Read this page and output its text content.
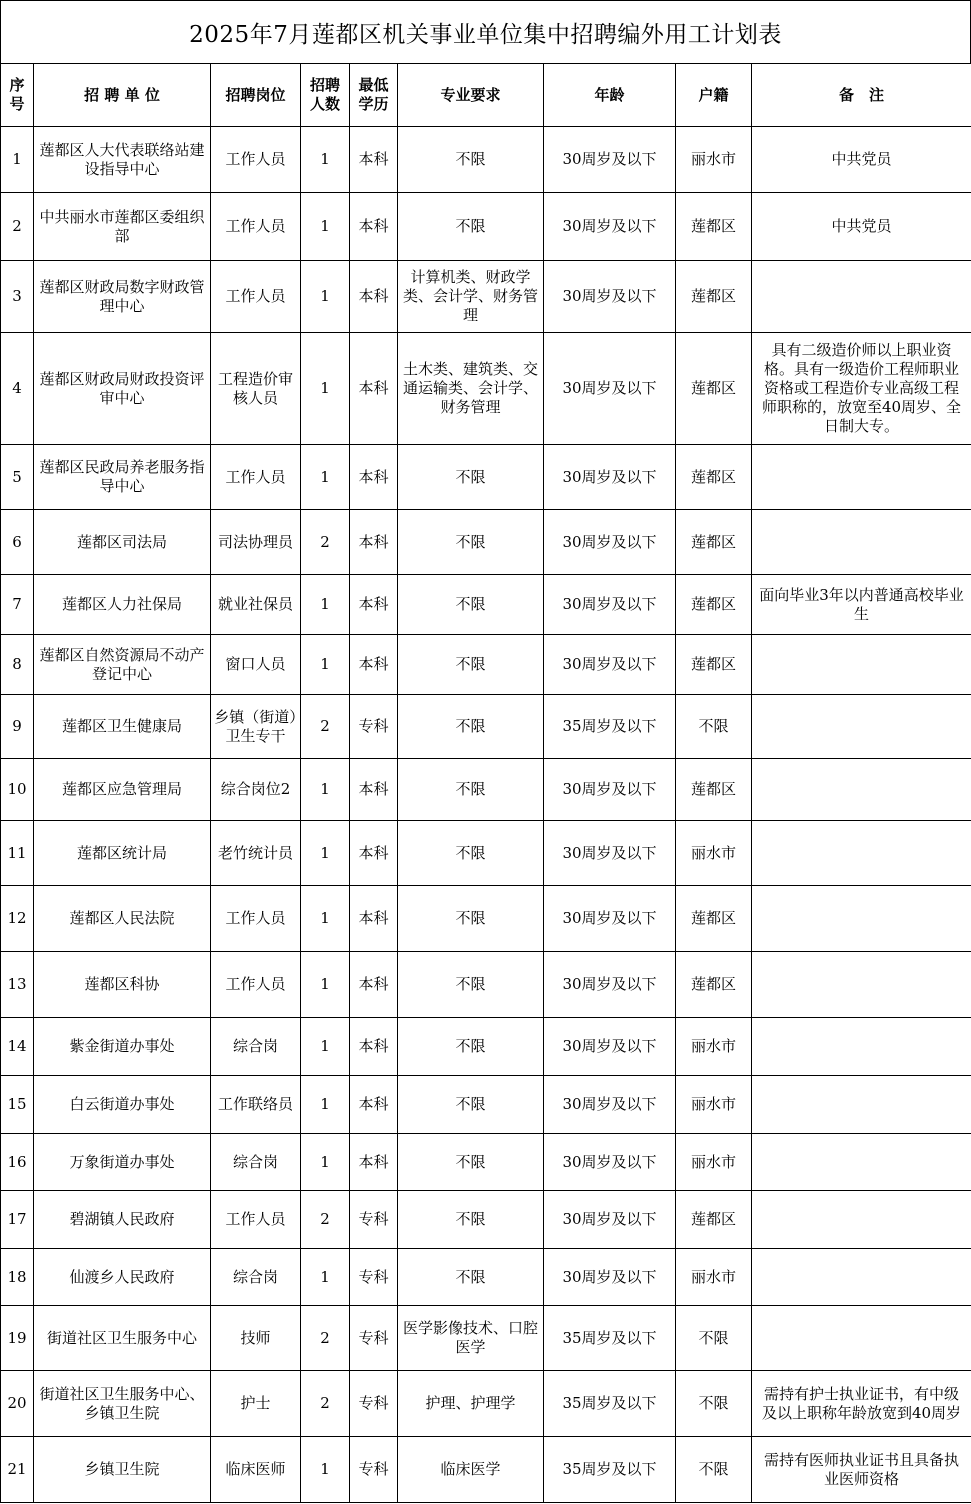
2025年7月莲都区机关事业单位集中招聘编外用工计划表
序号	招 聘 单 位	招聘岗位	招聘人数	最低学历	专业要求	年龄	户籍	备　注
1	莲都区人大代表联络站建设指导中心	工作人员	1	本科	不限	30周岁及以下	丽水市	中共党员
2	中共丽水市莲都区委组织部	工作人员	1	本科	不限	30周岁及以下	莲都区	中共党员
3	莲都区财政局数字财政管理中心	工作人员	1	本科	计算机类、财政学类、会计学、财务管理	30周岁及以下	莲都区	
4	莲都区财政局财政投资评审中心	工程造价审核人员	1	本科	土木类、建筑类、交通运输类、会计学、财务管理	30周岁及以下	莲都区	具有二级造价师以上职业资格。具有一级造价工程师职业资格或工程造价专业高级工程师职称的，放宽至40周岁、全日制大专。
5	莲都区民政局养老服务指导中心	工作人员	1	本科	不限	30周岁及以下	莲都区	
6	莲都区司法局	司法协理员	2	本科	不限	30周岁及以下	莲都区	
7	莲都区人力社保局	就业社保员	1	本科	不限	30周岁及以下	莲都区	面向毕业3年以内普通高校毕业生
8	莲都区自然资源局不动产登记中心	窗口人员	1	本科	不限	30周岁及以下	莲都区	
9	莲都区卫生健康局	乡镇（街道）卫生专干	2	专科	不限	35周岁及以下	不限	
10	莲都区应急管理局	综合岗位2	1	本科	不限	30周岁及以下	莲都区	
11	莲都区统计局	老竹统计员	1	本科	不限	30周岁及以下	丽水市	
12	莲都区人民法院	工作人员	1	本科	不限	30周岁及以下	莲都区	
13	莲都区科协	工作人员	1	本科	不限	30周岁及以下	莲都区	
14	紫金街道办事处	综合岗	1	本科	不限	30周岁及以下	丽水市	
15	白云街道办事处	工作联络员	1	本科	不限	30周岁及以下	丽水市	
16	万象街道办事处	综合岗	1	本科	不限	30周岁及以下	丽水市	
17	碧湖镇人民政府	工作人员	2	专科	不限	30周岁及以下	莲都区	
18	仙渡乡人民政府	综合岗	1	专科	不限	30周岁及以下	丽水市	
19	街道社区卫生服务中心	技师	2	专科	医学影像技术、口腔医学	35周岁及以下	不限	
20	街道社区卫生服务中心、乡镇卫生院	护士	2	专科	护理、护理学	35周岁及以下	不限	需持有护士执业证书，有中级及以上职称年龄放宽到40周岁
21	乡镇卫生院	临床医师	1	专科	临床医学	35周岁及以下	不限	需持有医师执业证书且具备执业医师资格
